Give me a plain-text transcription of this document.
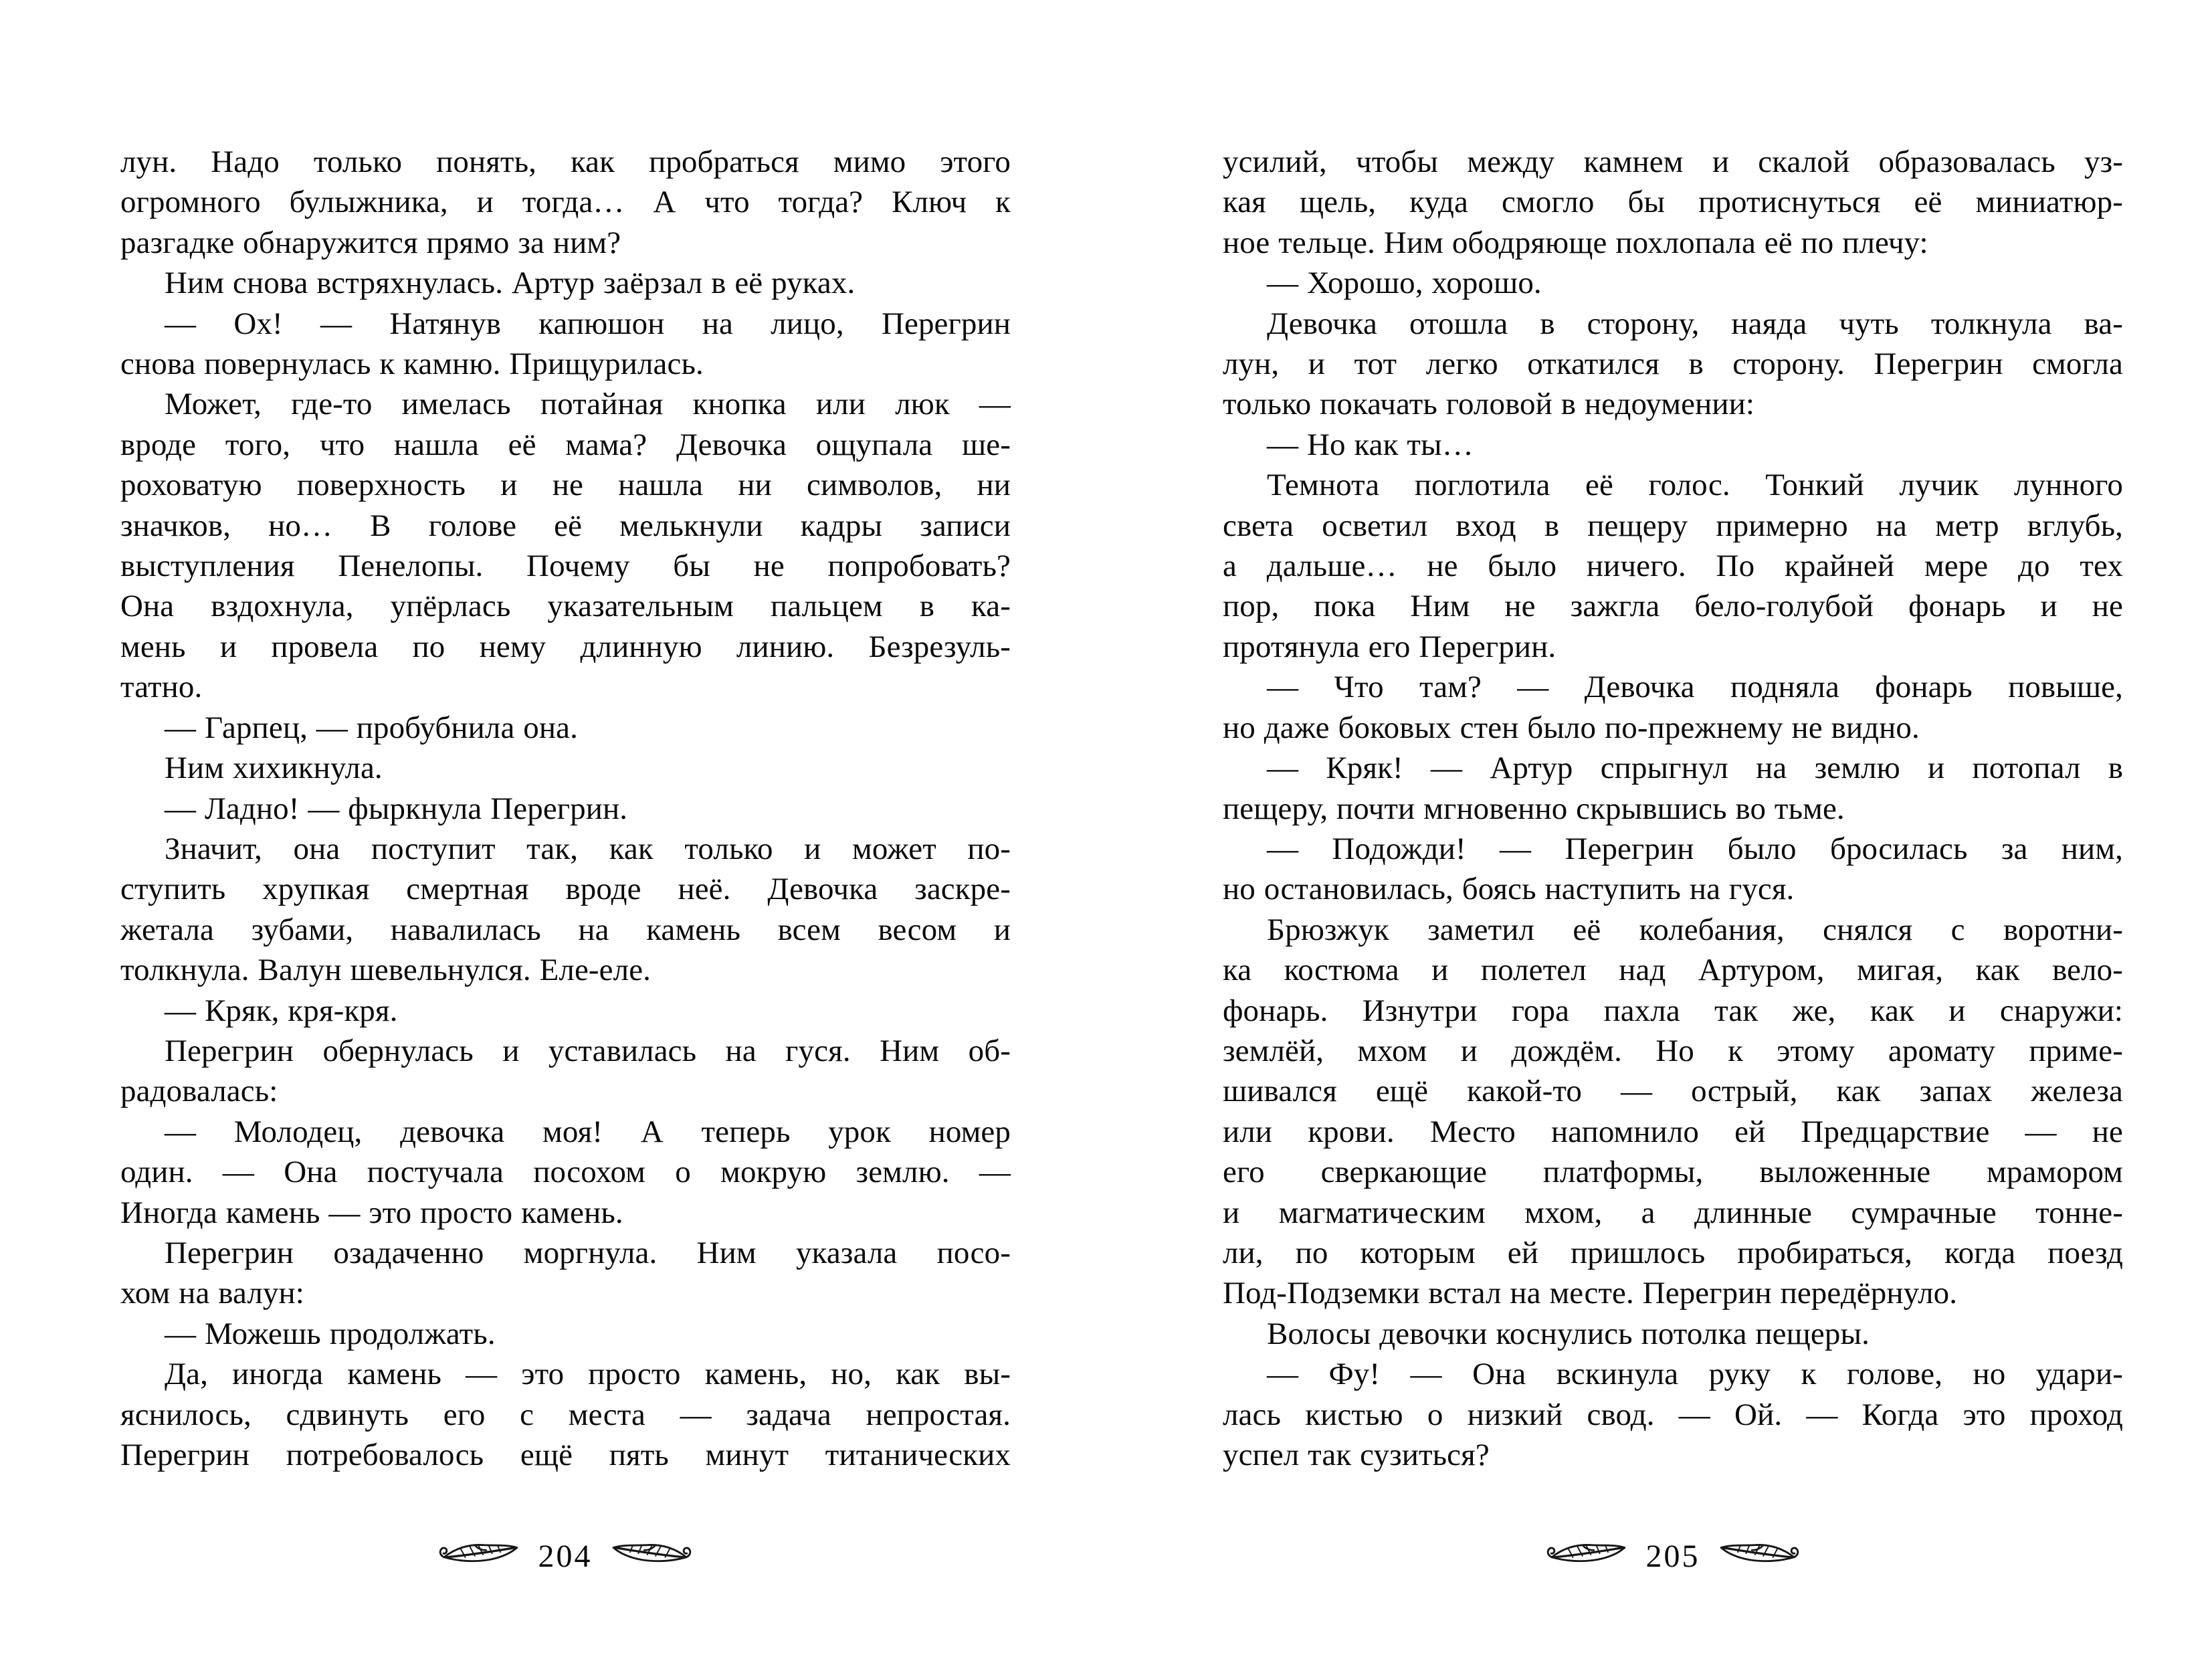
лун. Надо только понять, как пробраться мимо этого

огромного булыжника, и тогда… А что тогда? Ключ к

разгадке обнаружится прямо за ним?

Ним снова встряхнулась. Артур заёрзал в её руках.

— Ох! — Натянув капюшон на лицо, Перегрин

снова повернулась к камню. Прищурилась.

Может, где-то имелась потайная кнопка или люк —

вроде того, что нашла её мама? Девочка ощупала ше-

роховатую поверхность и не нашла ни символов, ни

значков, но… В голове её мелькнули кадры записи

выступления Пенелопы. Почему бы не попробовать?

Она вздохнула, упёрлась указательным пальцем в ка-

мень и провела по нему длинную линию. Безрезуль-

татно.

— Гарпец, — пробубнила она.

Ним хихикнула.

— Ладно! — фыркнула Перегрин.

Значит, она поступит так, как только и может по-

ступить хрупкая смертная вроде неё. Девочка заскре-

жетала зубами, навалилась на камень всем весом и

толкнула. Валун шевельнулся. Еле-еле.

— Кряк, кря-кря.

Перегрин обернулась и уставилась на гуся. Ним об-

радовалась:

— Молодец, девочка моя! А теперь урок номер

один. — Она постучала посохом о мокрую землю. —

Иногда камень — это просто камень.

Перегрин озадаченно моргнула. Ним указала посо-

хом на валун:

— Можешь продолжать.

Да, иногда камень — это просто камень, но, как вы-

яснилось, сдвинуть его с места — задача непростая.

Перегрин потребовалось ещё пять минут титанических

204

усилий, чтобы между камнем и скалой образовалась уз-

кая щель, куда смогло бы протиснуться её миниатюр-

ное тельце. Ним ободряюще похлопала её по плечу:

— Хорошо, хорошо.

Девочка отошла в сторону, наяда чуть толкнула ва-

лун, и тот легко откатился в сторону. Перегрин смогла

только покачать головой в недоумении:

— Но как ты…

Темнота поглотила её голос. Тонкий лучик лунного

света осветил вход в пещеру примерно на метр вглубь,

а дальше… не было ничего. По крайней мере до тех

пор, пока Ним не зажгла бело-голубой фонарь и не

протянула его Перегрин.

— Что там? — Девочка подняла фонарь повыше,

но даже боковых стен было по-прежнему не видно.

— Кряк! — Артур спрыгнул на землю и потопал в

пещеру, почти мгновенно скрывшись во тьме.

— Подожди! — Перегрин было бросилась за ним,

но остановилась, боясь наступить на гуся.

Брюзжук заметил её колебания, снялся с воротни-

ка костюма и полетел над Артуром, мигая, как вело-

фонарь. Изнутри гора пахла так же, как и снаружи:

землёй, мхом и дождём. Но к этому аромату приме-

шивался ещё какой-то — острый, как запах железа

или крови. Место напомнило ей Предцарствие — не

его сверкающие платформы, выложенные мрамором

и магматическим мхом, а длинные сумрачные тонне-

ли, по которым ей пришлось пробираться, когда поезд

Под-Подземки встал на месте. Перегрин передёрнуло.

Волосы девочки коснулись потолка пещеры.

— Фу! — Она вскинула руку к голове, но удари-

лась кистью о низкий свод. — Ой. — Когда это проход

успел так сузиться?

205
